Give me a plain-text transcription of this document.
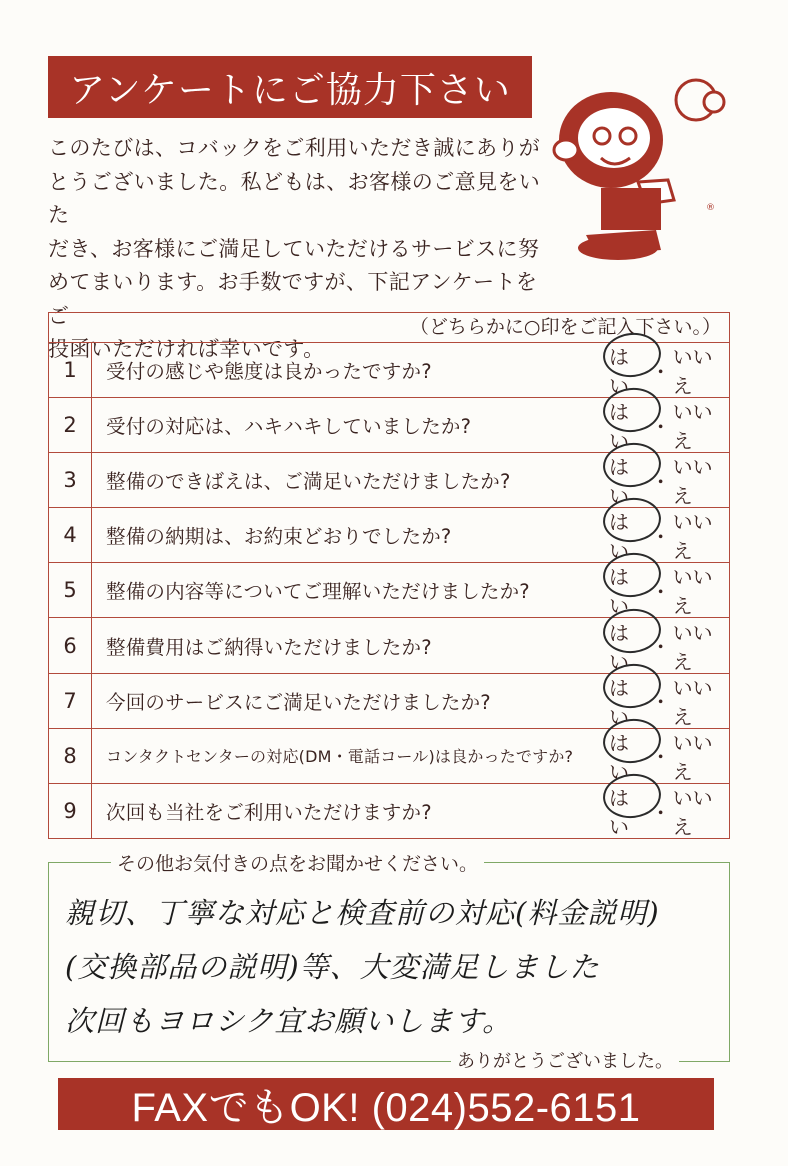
アンケートにご協力下さい
このたびは、コバックをご利用いただき誠にありが
とうございました。私どもは、お客様のご意見をいた
だき、お客様にご満足していただけるサービスに努
めてまいります。お手数ですが、下記アンケートをご
投函いただければ幸いです。
®
（どちらかに○印をご記入下さい。）
1	受付の感じや態度は良かったですか?
はい
・
いいえ
2	受付の対応は、ハキハキしていましたか?
はい
・
いいえ
3	整備のできばえは、ご満足いただけましたか?
はい
・
いいえ
4	整備の納期は、お約束どおりでしたか?
はい
・
いいえ
5	整備の内容等についてご理解いただけましたか?
はい
・
いいえ
6	整備費用はご納得いただけましたか?
はい
・
いいえ
7	今回のサービスにご満足いただけましたか?
はい
・
いいえ
8	コンタクトセンターの対応(DM・電話コール)は良かったですか?
はい
・
いいえ
9	次回も当社をご利用いただけますか?
はい
・
いいえ
その他お気付きの点をお聞かせください。
親切、丁寧な対応と検査前の対応(料金説明)
(交換部品の説明)等、大変満足しました
次回もヨロシク宜お願いします。
ありがとうございました。
FAXでもOK! (024)552-6151
